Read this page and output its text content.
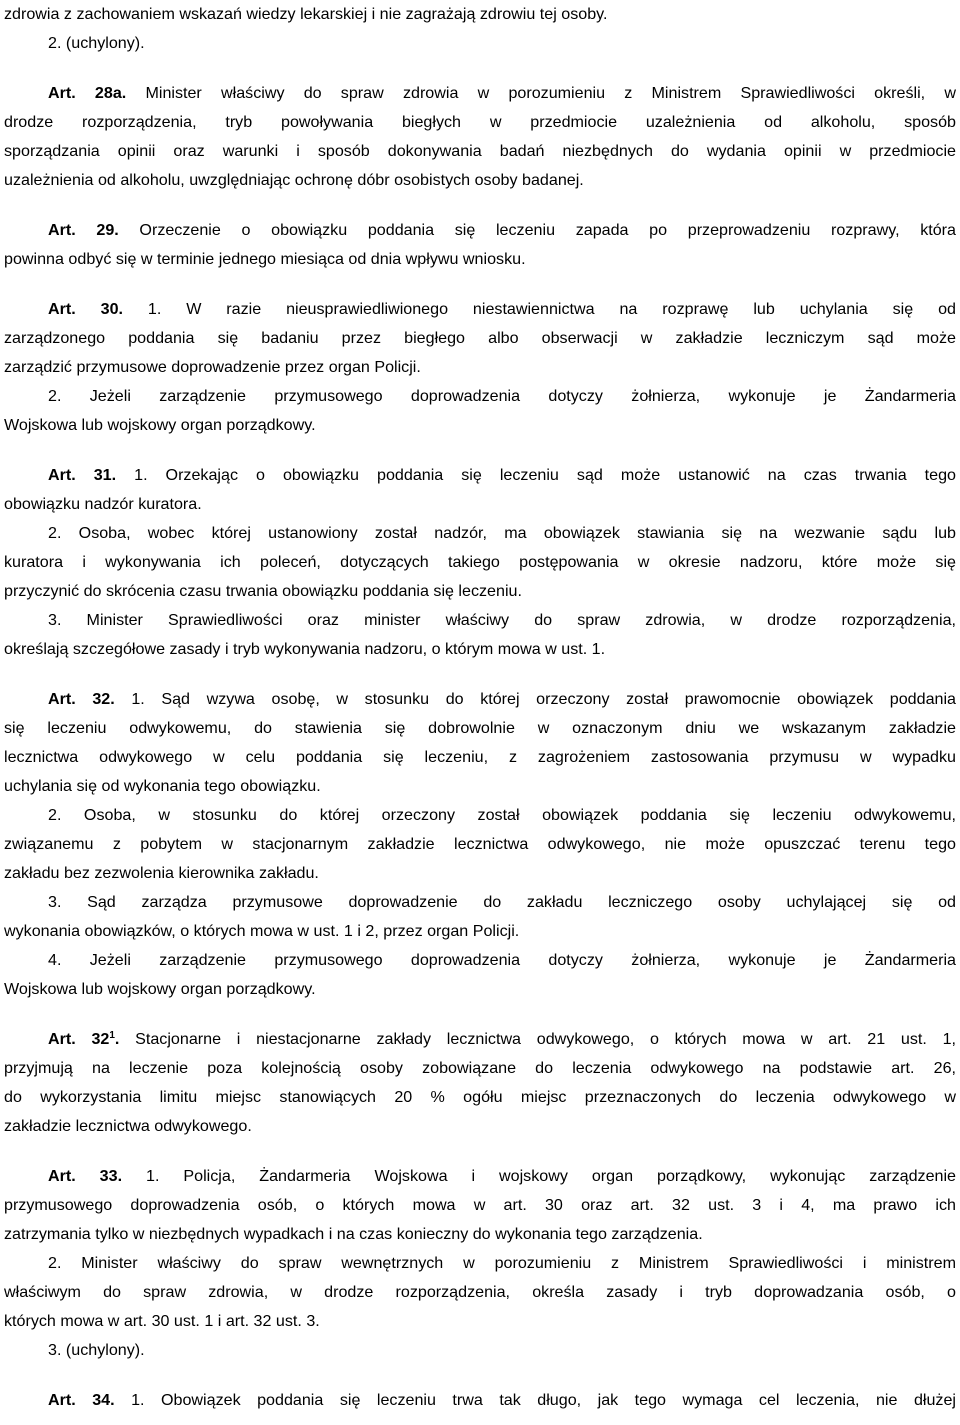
zdrowia z zachowaniem wskazań wiedzy lekarskiej i nie zagrażają zdrowiu tej osoby.
2. (uchylony).
Art. 28a. Minister właściwy do spraw zdrowia w porozumieniu z Ministrem Sprawiedliwości określi, w
drodze rozporządzenia, tryb powoływania biegłych w przedmiocie uzależnienia od alkoholu, sposób
sporządzania opinii oraz warunki i sposób dokonywania badań niezbędnych do wydania opinii w przedmiocie
uzależnienia od alkoholu, uwzględniając ochronę dóbr osobistych osoby badanej.
Art. 29. Orzeczenie o obowiązku poddania się leczeniu zapada po przeprowadzeniu rozprawy, która
powinna odbyć się w terminie jednego miesiąca od dnia wpływu wniosku.
Art. 30. 1. W razie nieusprawiedliwionego niestawiennictwa na rozprawę lub uchylania się od
zarządzonego poddania się badaniu przez biegłego albo obserwacji w zakładzie leczniczym sąd może
zarządzić przymusowe doprowadzenie przez organ Policji.
2. Jeżeli zarządzenie przymusowego doprowadzenia dotyczy żołnierza, wykonuje je Żandarmeria
Wojskowa lub wojskowy organ porządkowy.
Art. 31. 1. Orzekając o obowiązku poddania się leczeniu sąd może ustanowić na czas trwania tego
obowiązku nadzór kuratora.
2. Osoba, wobec której ustanowiony został nadzór, ma obowiązek stawiania się na wezwanie sądu lub
kuratora i wykonywania ich poleceń, dotyczących takiego postępowania w okresie nadzoru, które może się
przyczynić do skrócenia czasu trwania obowiązku poddania się leczeniu.
3. Minister Sprawiedliwości oraz minister właściwy do spraw zdrowia, w drodze rozporządzenia,
określają szczegółowe zasady i tryb wykonywania nadzoru, o którym mowa w ust. 1.
Art. 32. 1. Sąd wzywa osobę, w stosunku do której orzeczony został prawomocnie obowiązek poddania
się leczeniu odwykowemu, do stawienia się dobrowolnie w oznaczonym dniu we wskazanym zakładzie
lecznictwa odwykowego w celu poddania się leczeniu, z zagrożeniem zastosowania przymusu w wypadku
uchylania się od wykonania tego obowiązku.
2. Osoba, w stosunku do której orzeczony został obowiązek poddania się leczeniu odwykowemu,
związanemu z pobytem w stacjonarnym zakładzie lecznictwa odwykowego, nie może opuszczać terenu tego
zakładu bez zezwolenia kierownika zakładu.
3. Sąd zarządza przymusowe doprowadzenie do zakładu leczniczego osoby uchylającej się od
wykonania obowiązków, o których mowa w ust. 1 i 2, przez organ Policji.
4. Jeżeli zarządzenie przymusowego doprowadzenia dotyczy żołnierza, wykonuje je Żandarmeria
Wojskowa lub wojskowy organ porządkowy.
Art. $32^1$. Stacjonarne i niestacjonarne zakłady lecznictwa odwykowego, o których mowa w art. 21 ust. 1,
przyjmują na leczenie poza kolejnością osoby zobowiązane do leczenia odwykowego na podstawie art. 26,
do wykorzystania limitu miejsc stanowiących 20 % ogółu miejsc przeznaczonych do leczenia odwykowego w
zakładzie lecznictwa odwykowego.
Art. 33. 1. Policja, Żandarmeria Wojskowa i wojskowy organ porządkowy, wykonując zarządzenie
przymusowego doprowadzenia osób, o których mowa w art. 30 oraz art. 32 ust. 3 i 4, ma prawo ich
zatrzymania tylko w niezbędnych wypadkach i na czas konieczny do wykonania tego zarządzenia.
2. Minister właściwy do spraw wewnętrznych w porozumieniu z Ministrem Sprawiedliwości i ministrem
właściwym do spraw zdrowia, w drodze rozporządzenia, określa zasady i tryb doprowadzania osób, o
których mowa w art. 30 ust. 1 i art. 32 ust. 3.
3. (uchylony).
Art. 34. 1. Obowiązek poddania się leczeniu trwa tak długo, jak tego wymaga cel leczenia, nie dłużej
